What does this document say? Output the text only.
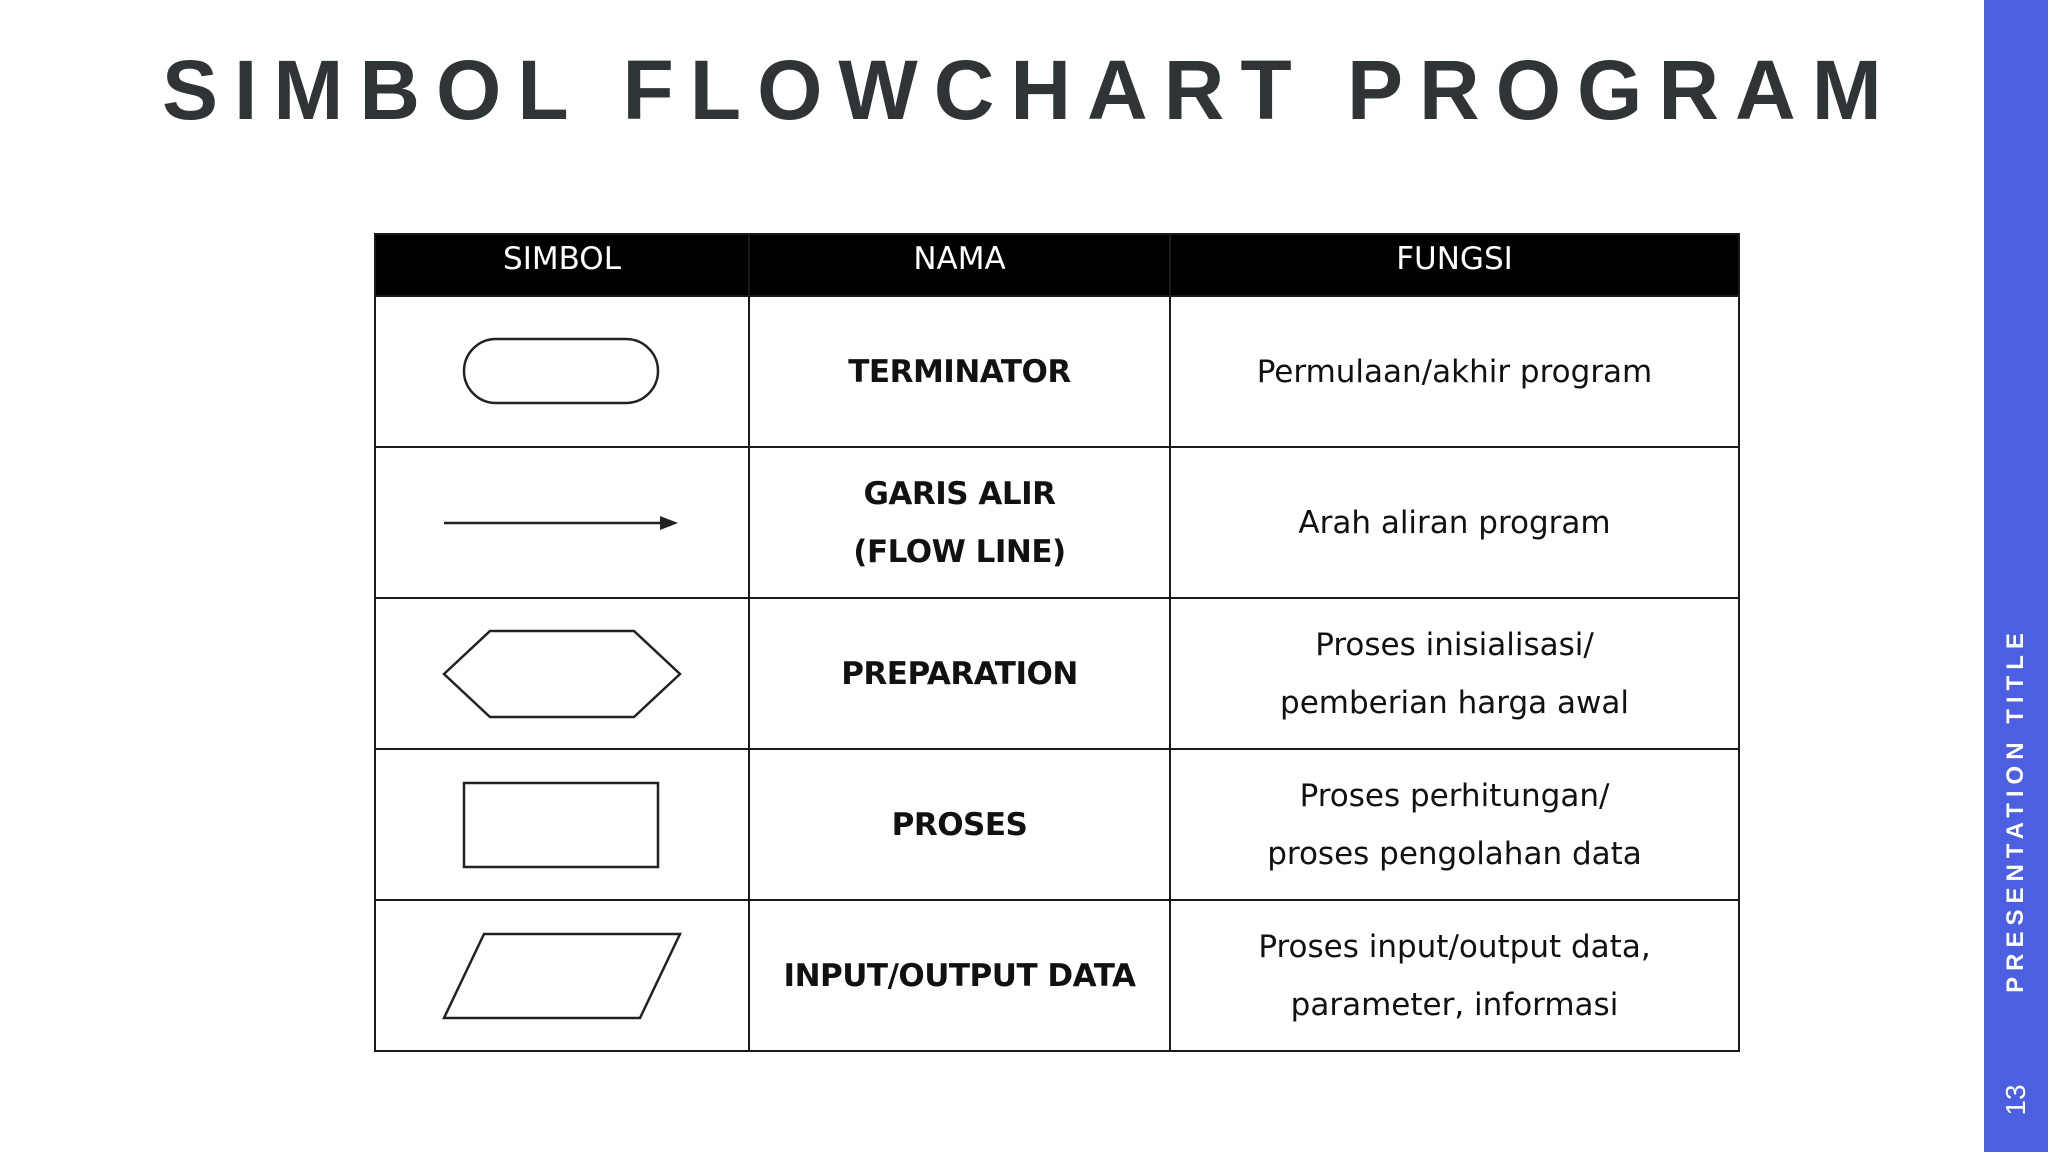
SIMBOL FLOWCHART PROGRAM
PRESENTATION TITLE
13
SIMBOL	NAMA	FUNGSI

TERMINATOR	Permulaan/akhir program

GARIS ALIR
(FLOW LINE)	Arah aliran program

PREPARATION	Proses inisialisasi/
pemberian harga awal

PROSES	Proses perhitungan/
proses pengolahan data

INPUT/OUTPUT DATA	Proses input/output data,
parameter, informasi
